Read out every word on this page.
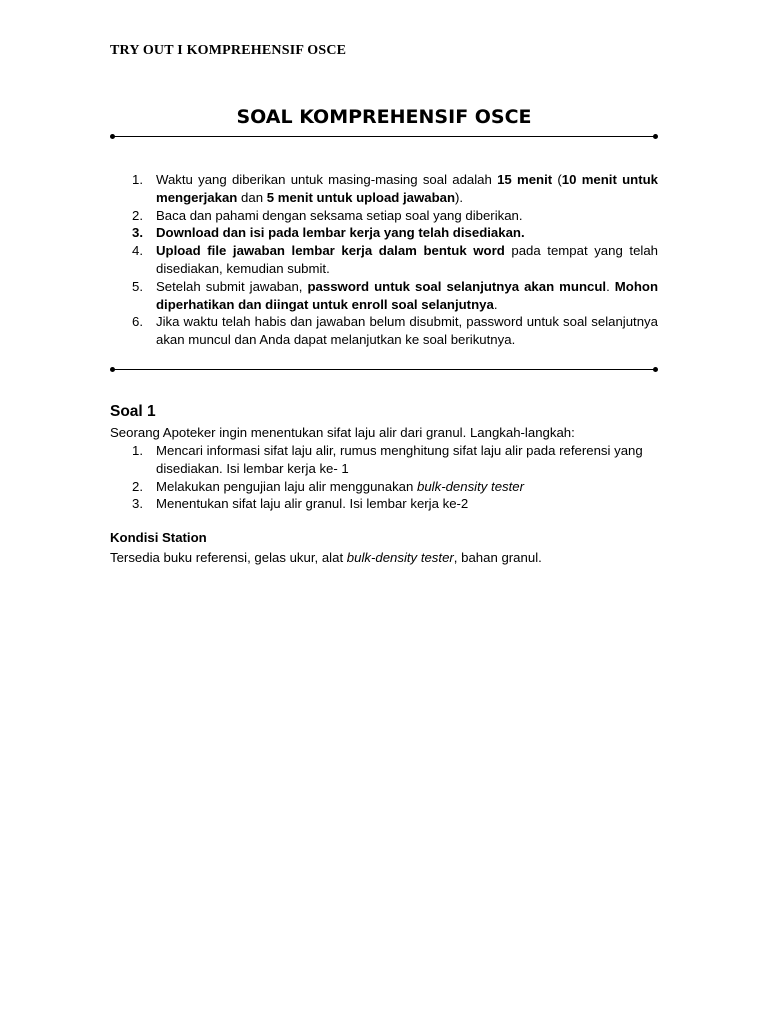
TRY OUT I KOMPREHENSIF OSCE
SOAL KOMPREHENSIF OSCE
1. Waktu yang diberikan untuk masing-masing soal adalah 15 menit (10 menit untuk mengerjakan dan 5 menit untuk upload jawaban).
2. Baca dan pahami dengan seksama setiap soal yang diberikan.
3. Download dan isi pada lembar kerja yang telah disediakan.
4. Upload file jawaban lembar kerja dalam bentuk word pada tempat yang telah disediakan, kemudian submit.
5. Setelah submit jawaban, password untuk soal selanjutnya akan muncul. Mohon diperhatikan dan diingat untuk enroll soal selanjutnya.
6. Jika waktu telah habis dan jawaban belum disubmit, password untuk soal selanjutnya akan muncul dan Anda dapat melanjutkan ke soal berikutnya.
Soal 1
Seorang Apoteker ingin menentukan sifat laju alir dari granul. Langkah-langkah:
1. Mencari informasi sifat laju alir, rumus menghitung sifat laju alir pada referensi yang disediakan. Isi lembar kerja ke- 1
2. Melakukan pengujian laju alir menggunakan bulk-density tester
3. Menentukan sifat laju alir granul. Isi lembar kerja ke-2
Kondisi Station
Tersedia buku referensi, gelas ukur, alat bulk-density tester, bahan granul.
